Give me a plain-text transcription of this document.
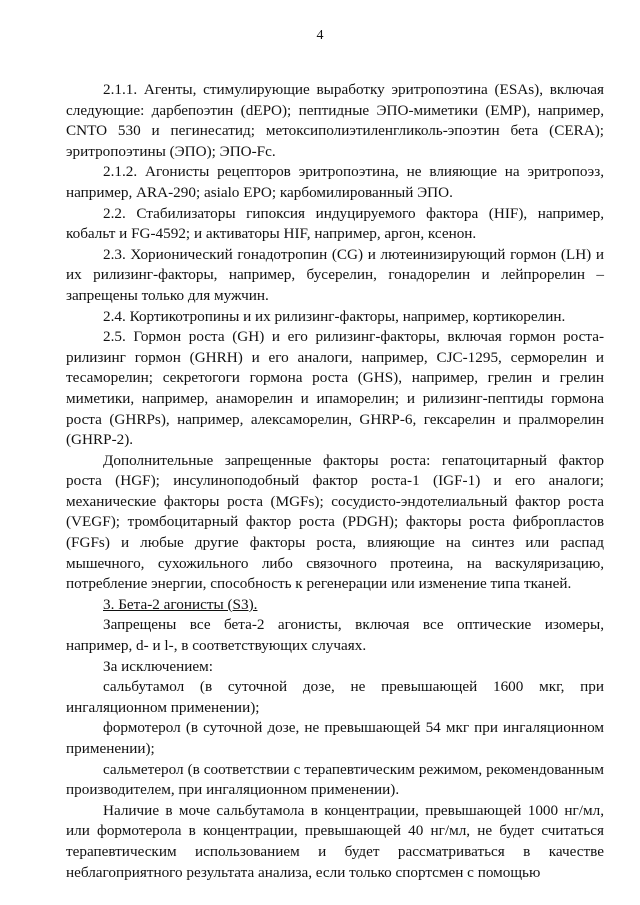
4

2.1.1. Агенты, стимулирующие выработку эритропоэтина (ESAs), включая следующие: дарбепоэтин (dEPO); пептидные ЭПО-миметики (EMP), например, CNTO 530 и пегинесатид; метоксиполиэтиленгликоль-эпоэтин бета (CERA); эритропоэтины (ЭПО); ЭПО-Fc.

2.1.2. Агонисты рецепторов эритропоэтина, не влияющие на эритропоэз, например, ARA-290; asialo EPO; карбомилированный ЭПО.

2.2. Стабилизаторы гипоксия индуцируемого фактора (HIF), например, кобальт и FG-4592; и активаторы HIF, например, аргон, ксенон.

2.3. Хорионический гонадотропин (CG) и лютеинизирующий гормон (LH) и их рилизинг-факторы, например, бусерелин, гонадорелин и лейпрорелин – запрещены только для мужчин.

2.4. Кортикотропины и их рилизинг-факторы, например, кортикорелин.

2.5. Гормон роста (GH) и его рилизинг-факторы, включая гормон роста-рилизинг гормон (GHRH) и его аналоги, например, CJC-1295, серморелин и тесаморелин; секретогоги гормона роста (GHS), например, грелин и грелин миметики, например, анаморелин и ипаморелин; и рилизинг-пептиды гормона роста (GHRPs), например, алексаморелин, GHRP-6, гексарелин и пралморелин (GHRP-2).

Дополнительные запрещенные факторы роста: гепатоцитарный фактор роста (HGF); инсулиноподобный фактор роста-1 (IGF-1) и его аналоги; механические факторы роста (MGFs); сосудисто-эндотелиальный фактор роста (VEGF); тромбоцитарный фактор роста (PDGH); факторы роста фибропластов (FGFs) и любые другие факторы роста, влияющие на синтез или распад мышечного, сухожильного либо связочного протеина, на васкуляризацию, потребление энергии, способность к регенерации или изменение типа тканей.

3. Бета-2 агонисты (S3).

Запрещены все бета-2 агонисты, включая все оптические изомеры, например, d- и l-, в соответствующих случаях.

За исключением:

сальбутамол (в суточной дозе, не превышающей 1600 мкг, при ингаляционном применении);

формотерол (в суточной дозе, не превышающей 54 мкг при ингаляционном применении);

сальметерол (в соответствии с терапевтическим режимом, рекомендованным производителем, при ингаляционном применении).

Наличие в моче сальбутамола в концентрации, превышающей 1000 нг/мл, или формотерола в концентрации, превышающей 40 нг/мл, не будет считаться терапевтическим использованием и будет рассматриваться в качестве неблагоприятного результата анализа, если только спортсмен с помощью
